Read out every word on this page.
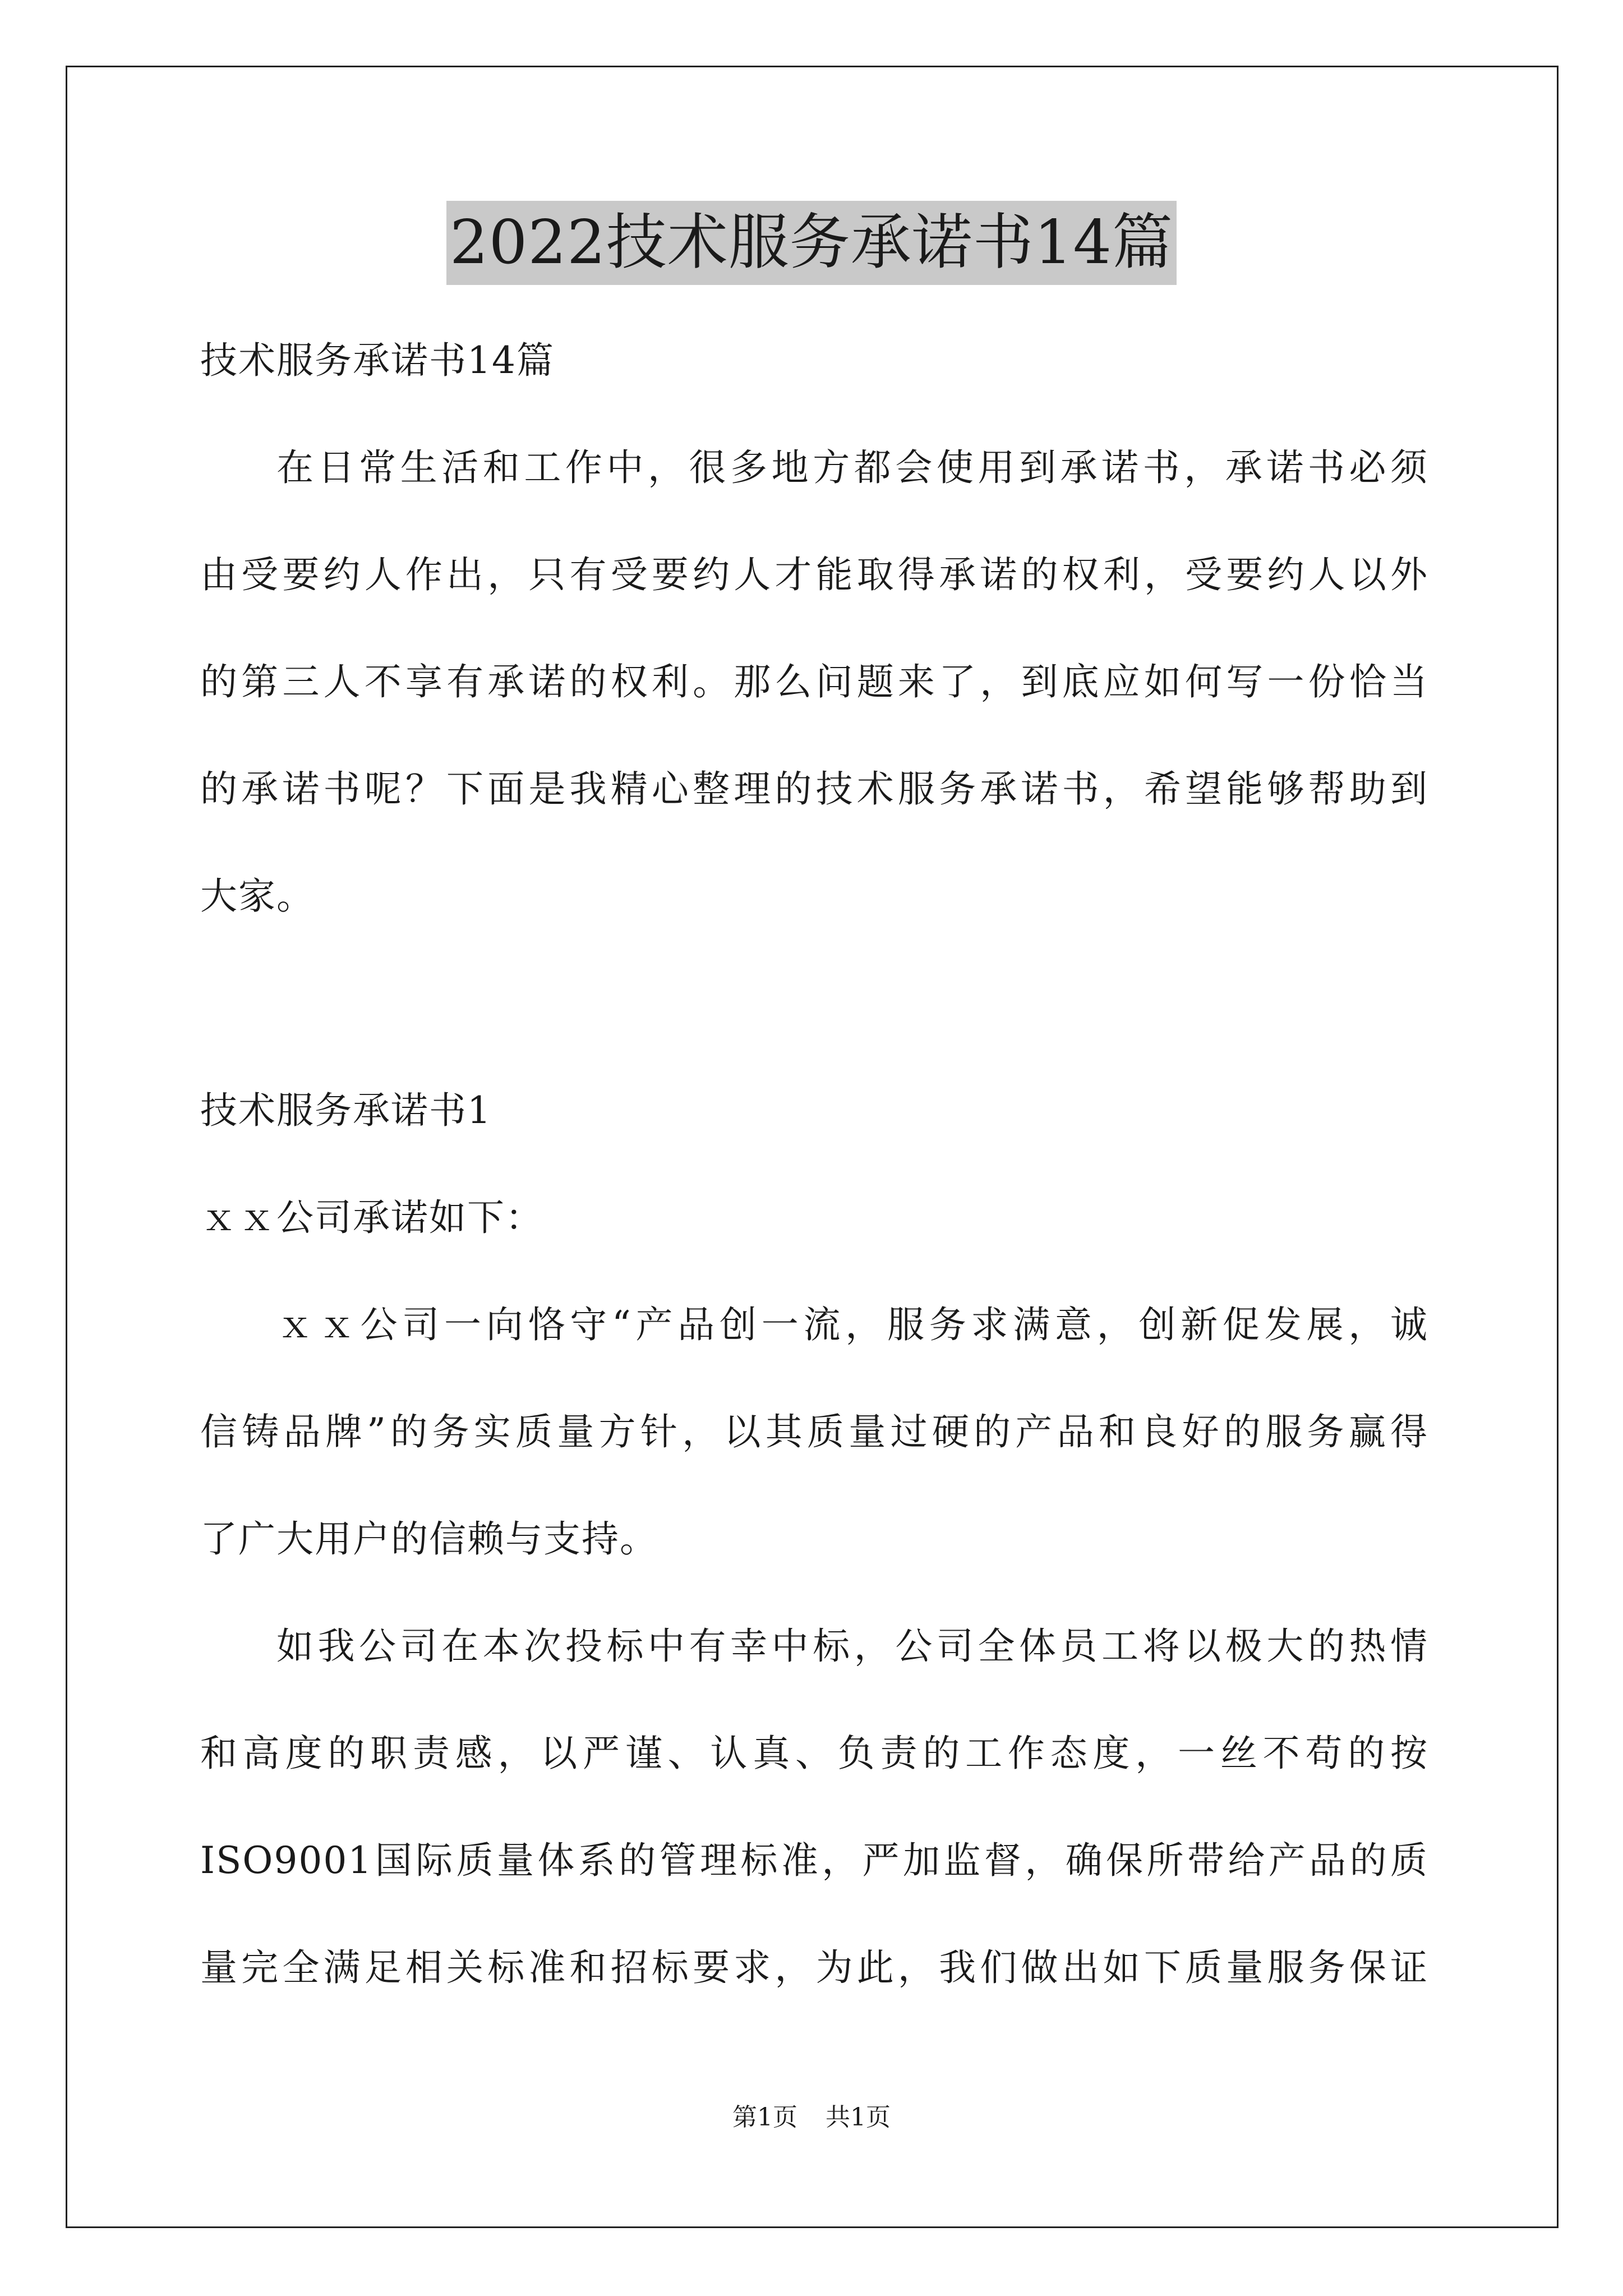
2022技术服务承诺书14篇
技术服务承诺书14篇
在日常生活和工作中，很多地方都会使用到承诺书，承诺书必须
由受要约人作出，只有受要约人才能取得承诺的权利，受要约人以外
的第三人不享有承诺的权利。那么问题来了，到底应如何写一份恰当
的承诺书呢？下面是我精心整理的技术服务承诺书，希望能够帮助到
大家。
技术服务承诺书1
ｘｘ公司承诺如下：
ｘｘ公司一向恪守“产品创一流，服务求满意，创新促发展，诚
信铸品牌”的务实质量方针，以其质量过硬的产品和良好的服务赢得
了广大用户的信赖与支持。
如我公司在本次投标中有幸中标，公司全体员工将以极大的热情
和高度的职责感，以严谨、认真、负责的工作态度，一丝不苟的按
ISO9001国际质量体系的管理标准，严加监督，确保所带给产品的质
量完全满足相关标准和招标要求，为此，我们做出如下质量服务保证
第1页 共1页
